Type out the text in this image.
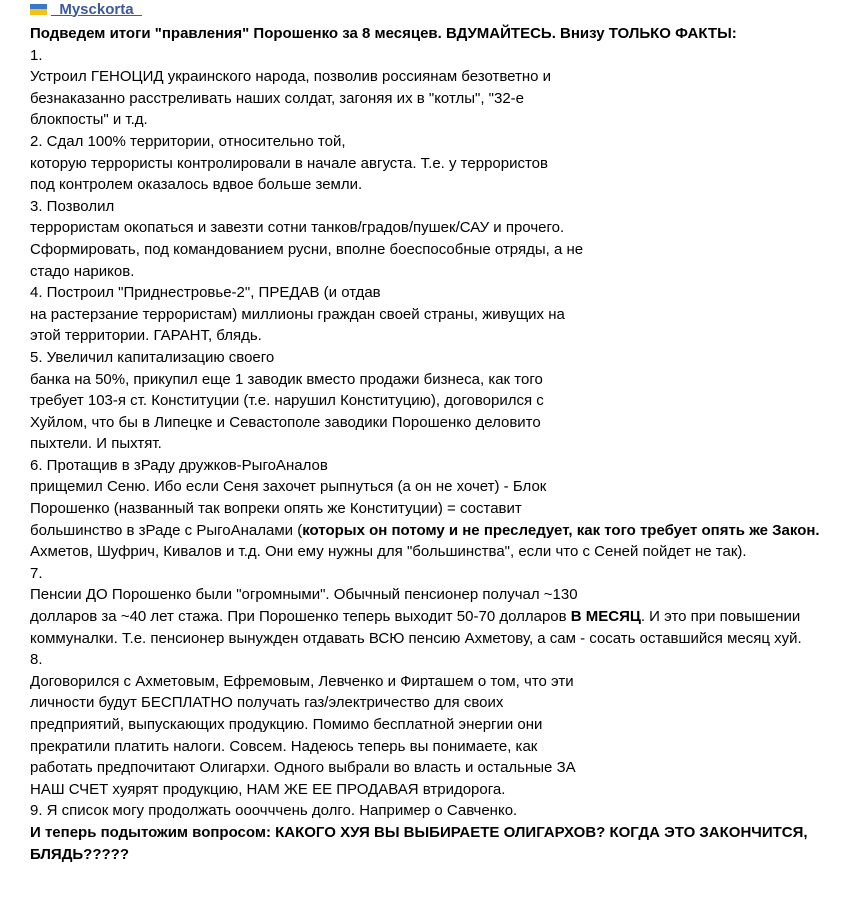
_Mysckorta_
Подведем итоги "правления" Порошенко за 8 месяцев. ВДУМАЙТЕСЬ. Внизу ТОЛЬКО ФАКТЫ:
1.
Устроил ГЕНОЦИД украинского народа, позволив россиянам безответно и
безнаказанно расстреливать наших солдат, загоняя их в "котлы", "32-е
блокпосты" и т.д.
2. Сдал 100% территории, относительно той,
которую террористы контролировали в начале августа. Т.е. у террористов
под контролем оказалось вдвое больше земли.
3. Позволил
террористам окопаться и завезти сотни танков/градов/пушек/САУ и прочего.
Сформировать, под командованием русни, вполне боеспособные отряды, а не
стадо нариков.
4. Построил "Приднестровье-2", ПРЕДАВ (и отдав
на растерзание террористам) миллионы граждан своей страны, живущих на
этой территории. ГАРАНТ, блядь.
5. Увеличил капитализацию своего
банка на 50%, прикупил еще 1 заводик вместо продажи бизнеса, как того
требует 103-я ст. Конституции (т.е. нарушил Конституцию), договорился с
Хуйлом, что бы в Липецке и Севастополе заводики Порошенко деловито
пыхтели. И пыхтят.
6. Протащив в зРаду дружков-РыгоАналов
прищемил Сеню. Ибо если Сеня захочет рыпнуться (а он не хочет) - Блок
Порошенко (названный так вопреки опять же Конституции) = составит
большинство в зРаде с РыгоАналами (которых он потому и не преследует, как того требует опять же Закон. Ахметов, Шуфрич, Кивалов и т.д. Они ему нужны для "большинства", если что с Сеней пойдет не так).
7.
Пенсии ДО Порошенко были "огромными". Обычный пенсионер получал ~130
долларов за ~40 лет стажа. При Порошенко теперь выходит 50-70 долларов В МЕСЯЦ. И это при повышении коммуналки. Т.е. пенсионер вынужден отдавать ВСЮ пенсию Ахметову, а сам - сосать оставшийся месяц хуй.
8.
Договорился с Ахметовым, Ефремовым, Левченко и Фирташем о том, что эти
личности будут БЕСПЛАТНО получать газ/электричество для своих
предприятий, выпускающих продукцию. Помимо бесплатной энергии они
прекратили платить налоги. Совсем. Надеюсь теперь вы понимаете, как
работать предпочитают Олигархи. Одного выбрали во власть и остальные ЗА
НАШ СЧЕТ хуярят продукцию, НАМ ЖЕ ЕЕ ПРОДАВАЯ втридорога.
9. Я список могу продолжать ооочччень долго. Например о Савченко.
И теперь подытожим вопросом: КАКОГО ХУЯ ВЫ ВЫБИРАЕТЕ ОЛИГАРХОВ? КОГДА ЭТО ЗАКОНЧИТСЯ, БЛЯДЬ?????
